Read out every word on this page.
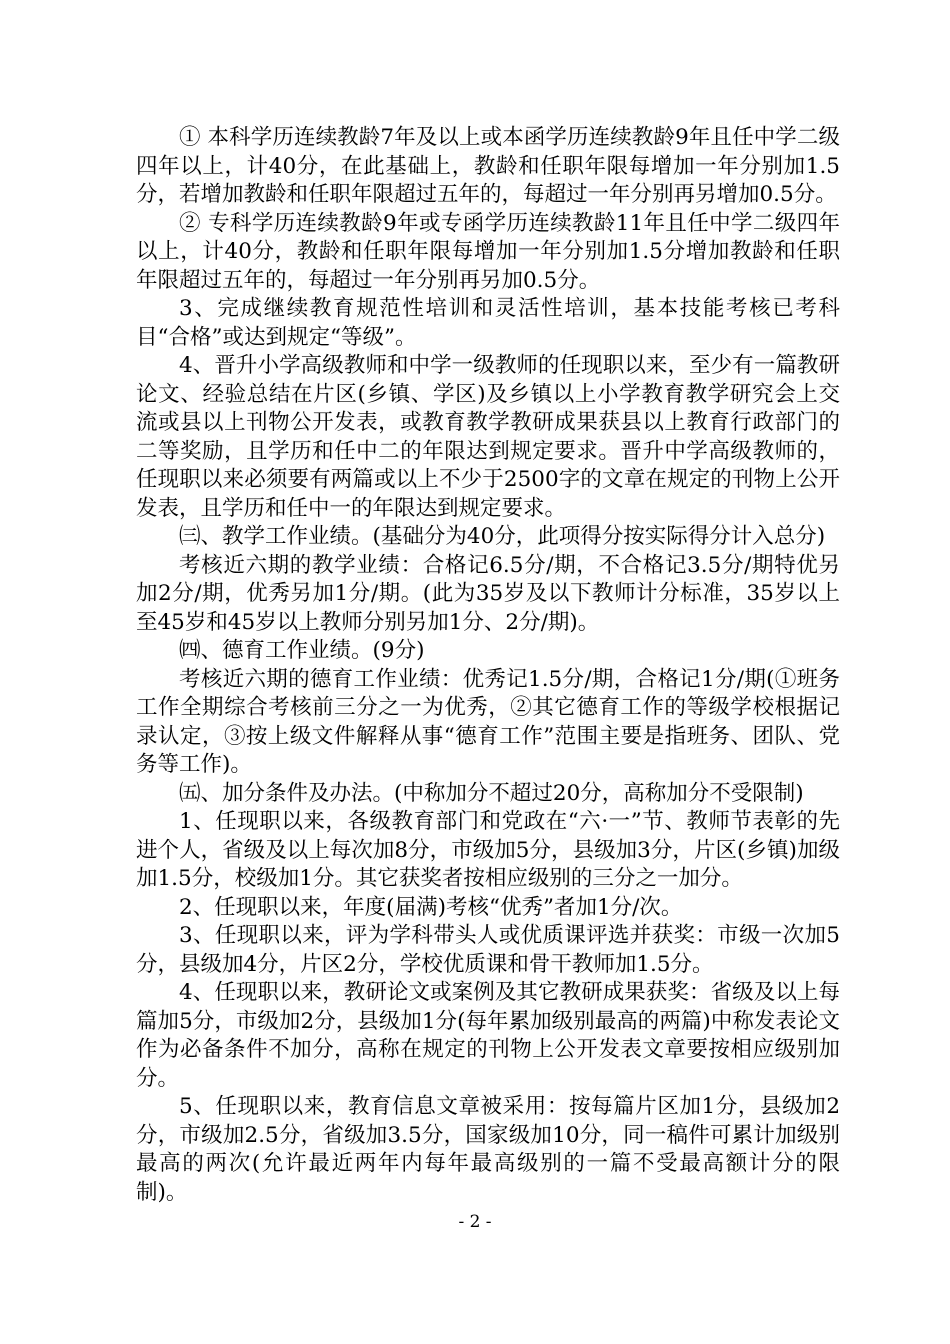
① 本科学历连续教龄7年及以上或本函学历连续教龄9年且任中学二级四年以上，计40分，在此基础上，教龄和任职年限每增加一年分别加1.5分，若增加教龄和任职年限超过五年的，每超过一年分别再另增加0.5分。

② 专科学历连续教龄9年或专函学历连续教龄11年且任中学二级四年以上，计40分，教龄和任职年限每增加一年分别加1.5分增加教龄和任职年限超过五年的，每超过一年分别再另加0.5分。

3、完成继续教育规范性培训和灵活性培训，基本技能考核已考科目“合格”或达到规定“等级”。

4、晋升小学高级教师和中学一级教师的任现职以来，至少有一篇教研论文、经验总结在片区(乡镇、学区)及乡镇以上小学教育教学研究会上交流或县以上刊物公开发表，或教育教学教研成果获县以上教育行政部门的二等奖励，且学历和任中二的年限达到规定要求。晋升中学高级教师的，任现职以来必须要有两篇或以上不少于2500字的文章在规定的刊物上公开发表，且学历和任中一的年限达到规定要求。

㈢、教学工作业绩。(基础分为40分，此项得分按实际得分计入总分)

考核近六期的教学业绩：合格记6.5分/期，不合格记3.5分/期特优另加2分/期，优秀另加1分/期。(此为35岁及以下教师计分标准，35岁以上至45岁和45岁以上教师分别另加1分、2分/期)。

㈣、德育工作业绩。(9分)

考核近六期的德育工作业绩：优秀记1.5分/期，合格记1分/期(①班务工作全期综合考核前三分之一为优秀，②其它德育工作的等级学校根据记录认定，③按上级文件解释从事“德育工作”范围主要是指班务、团队、党务等工作)。

㈤、加分条件及办法。(中称加分不超过20分，高称加分不受限制)

1、任现职以来，各级教育部门和党政在“六·一”节、教师节表彰的先进个人，省级及以上每次加8分，市级加5分，县级加3分，片区(乡镇)加级加1.5分，校级加1分。其它获奖者按相应级别的三分之一加分。

2、任现职以来，年度(届满)考核“优秀”者加1分/次。

3、任现职以来，评为学科带头人或优质课评选并获奖：市级一次加5分，县级加4分，片区2分，学校优质课和骨干教师加1.5分。

4、任现职以来，教研论文或案例及其它教研成果获奖：省级及以上每篇加5分，市级加2分，县级加1分(每年累加级别最高的两篇)中称发表论文作为必备条件不加分，高称在规定的刊物上公开发表文章要按相应级别加分。

5、任现职以来，教育信息文章被采用：按每篇片区加1分，县级加2分，市级加2.5分，省级加3.5分，国家级加10分，同一稿件可累计加级别最高的两次(允许最近两年内每年最高级别的一篇不受最高额计分的限制)。

- 2 -
